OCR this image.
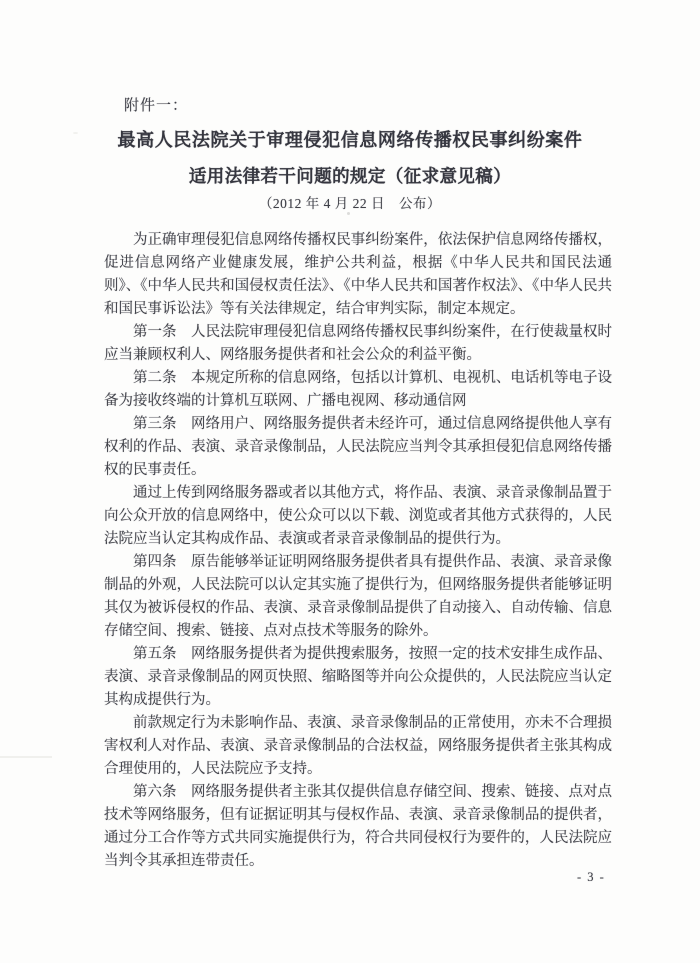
附件一：
最高人民法院关于审理侵犯信息网络传播权民事纠纷案件
适用法律若干问题的规定（征求意见稿）
（2012 年 4 月 22 日　公布）

为正确审理侵犯信息网络传播权民事纠纷案件，依法保护信息网络传播权，促进信息网络产业健康发展，维护公共利益，根据《中华人民共和国民法通则》、《中华人民共和国侵权责任法》、《中华人民共和国著作权法》、《中华人民共和国民事诉讼法》等有关法律规定，结合审判实际，制定本规定。

第一条　人民法院审理侵犯信息网络传播权民事纠纷案件，在行使裁量权时应当兼顾权利人、网络服务提供者和社会公众的利益平衡。

第二条　本规定所称的信息网络，包括以计算机、电视机、电话机等电子设备为接收终端的计算机互联网、广播电视网、移动通信网

第三条　网络用户、网络服务提供者未经许可，通过信息网络提供他人享有权利的作品、表演、录音录像制品，人民法院应当判令其承担侵犯信息网络传播权的民事责任。

通过上传到网络服务器或者以其他方式，将作品、表演、录音录像制品置于向公众开放的信息网络中，使公众可以以下载、浏览或者其他方式获得的，人民法院应当认定其构成作品、表演或者录音录像制品的提供行为。

第四条　原告能够举证证明网络服务提供者具有提供作品、表演、录音录像制品的外观，人民法院可以认定其实施了提供行为，但网络服务提供者能够证明其仅为被诉侵权的作品、表演、录音录像制品提供了自动接入、自动传输、信息存储空间、搜索、链接、点对点技术等服务的除外。

第五条　网络服务提供者为提供搜索服务，按照一定的技术安排生成作品、表演、录音录像制品的网页快照、缩略图等并向公众提供的，人民法院应当认定其构成提供行为。

前款规定行为未影响作品、表演、录音录像制品的正常使用，亦未不合理损害权利人对作品、表演、录音录像制品的合法权益，网络服务提供者主张其构成合理使用的，人民法院应予支持。

第六条　网络服务提供者主张其仅提供信息存储空间、搜索、链接、点对点技术等网络服务，但有证据证明其与侵权作品、表演、录音录像制品的提供者，通过分工合作等方式共同实施提供行为，符合共同侵权行为要件的，人民法院应当判令其承担连带责任。

- 3 -
